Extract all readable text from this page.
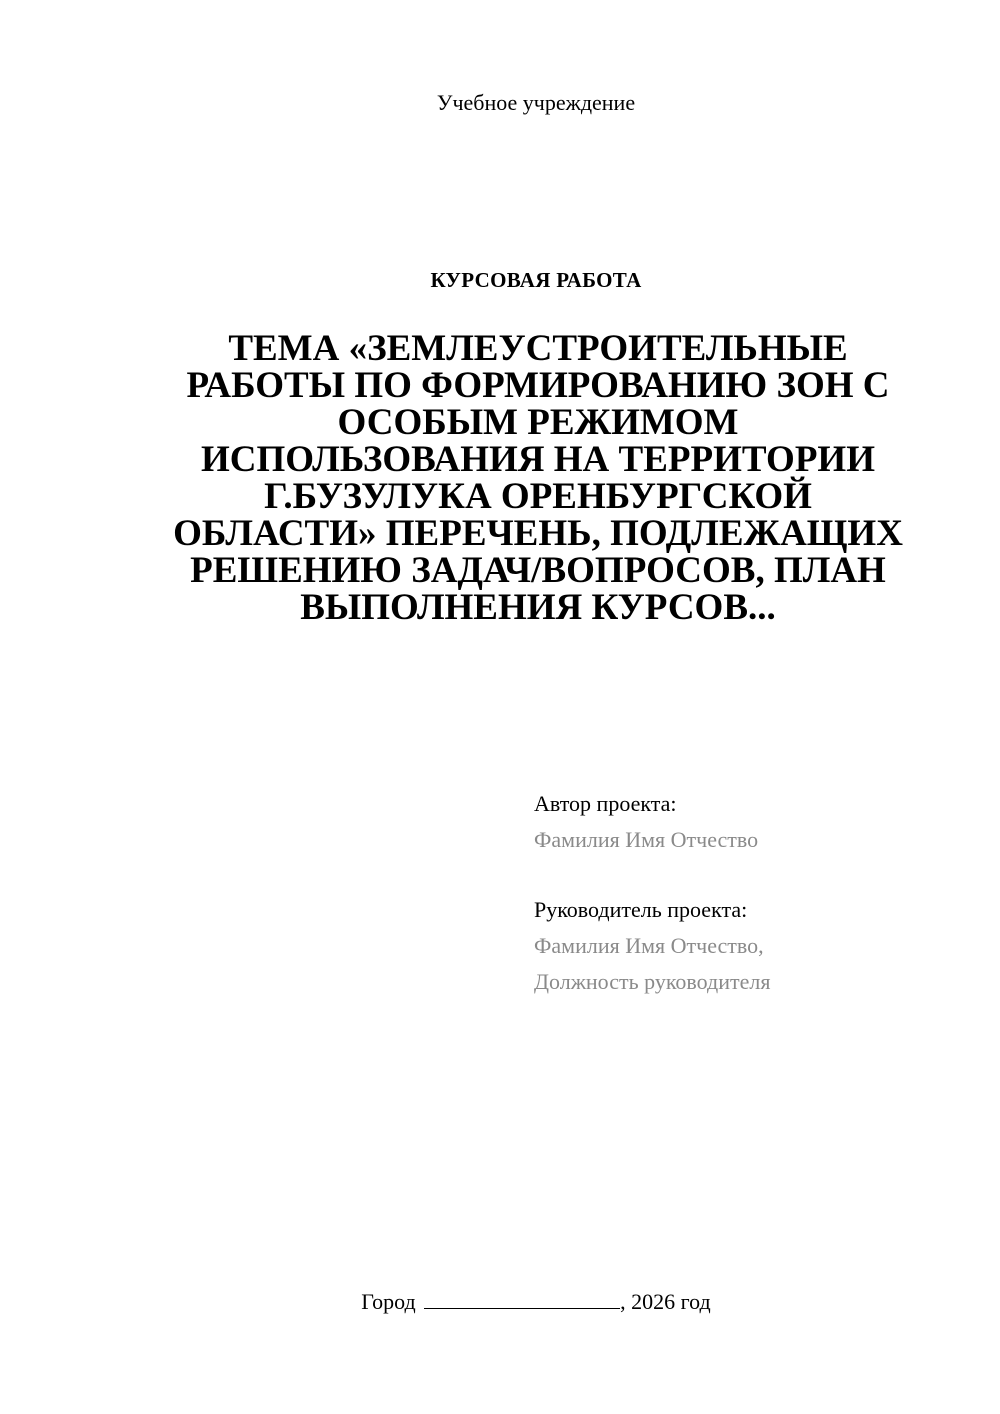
Учебное учреждение
КУРСОВАЯ РАБОТА
ТЕМА «ЗЕМЛЕУСТРОИТЕЛЬНЫЕ
РАБОТЫ ПО ФОРМИРОВАНИЮ ЗОН С
ОСОБЫМ РЕЖИМОМ
ИСПОЛЬЗОВАНИЯ НА ТЕРРИТОРИИ
Г.БУЗУЛУКА ОРЕНБУРГСКОЙ
ОБЛАСТИ» ПЕРЕЧЕНЬ, ПОДЛЕЖАЩИХ
РЕШЕНИЮ ЗАДАЧ/ВОПРОСОВ, ПЛАН
ВЫПОЛНЕНИЯ КУРСОВ...
Автор проекта:
Фамилия Имя Отчество
Руководитель проекта:
Фамилия Имя Отчество,
Должность руководителя
Город	, 2026 год
